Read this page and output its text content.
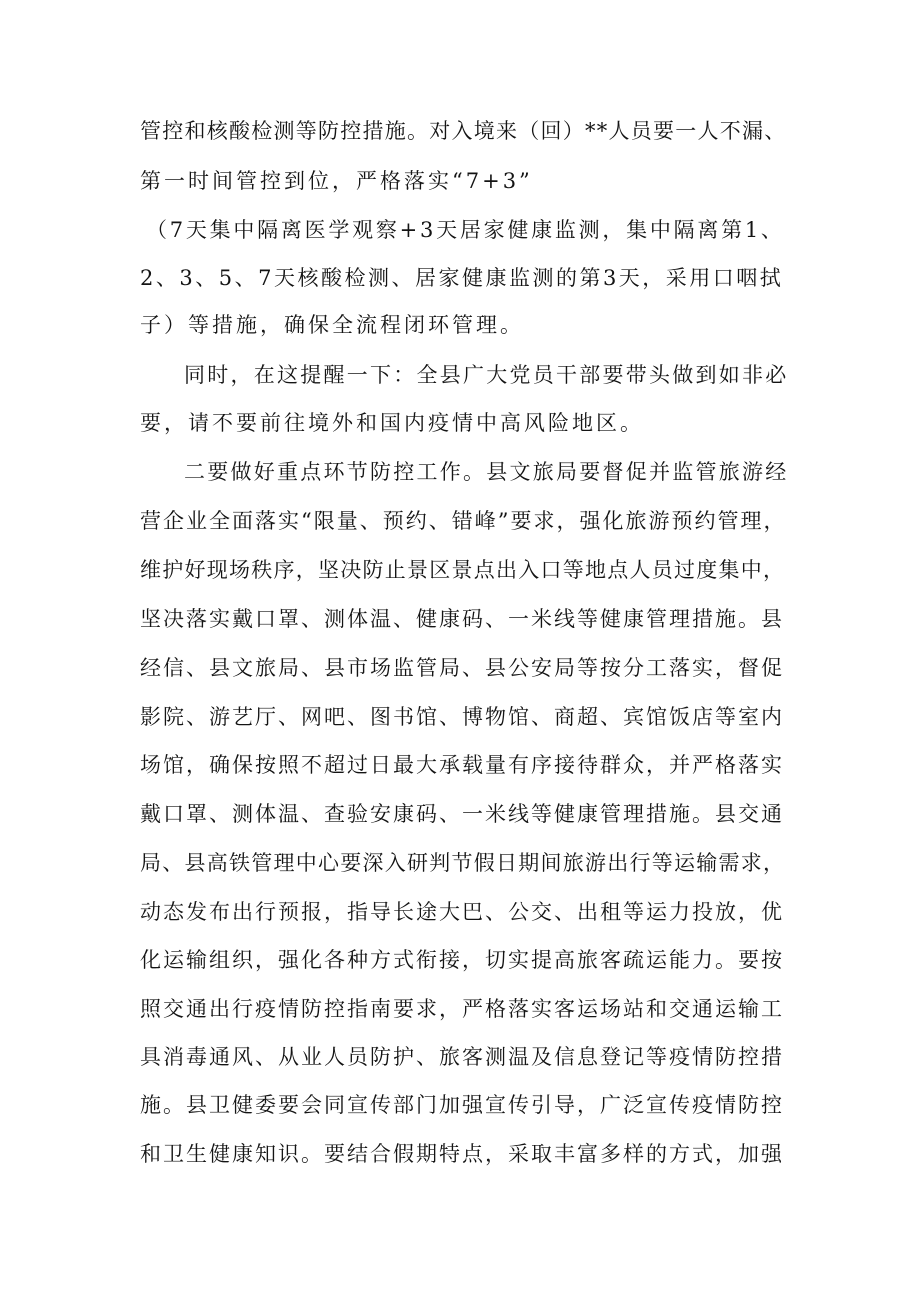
管控和核酸检测等防控措施。对入境来（回）**人员要一人不漏、
第一时间管控到位，严格落实“7+3”
（7天集中隔离医学观察+3天居家健康监测，集中隔离第1、
2、3、5、7天核酸检测、居家健康监测的第3天，采用口咽拭
子）等措施，确保全流程闭环管理。
同时，在这提醒一下：全县广大党员干部要带头做到如非必
要，请不要前往境外和国内疫情中高风险地区。
二要做好重点环节防控工作。县文旅局要督促并监管旅游经
营企业全面落实“限量、预约、错峰”要求，强化旅游预约管理，
维护好现场秩序，坚决防止景区景点出入口等地点人员过度集中，
坚决落实戴口罩、测体温、健康码、一米线等健康管理措施。县
经信、县文旅局、县市场监管局、县公安局等按分工落实，督促
影院、游艺厅、网吧、图书馆、博物馆、商超、宾馆饭店等室内
场馆，确保按照不超过日最大承载量有序接待群众，并严格落实
戴口罩、测体温、查验安康码、一米线等健康管理措施。县交通
局、县高铁管理中心要深入研判节假日期间旅游出行等运输需求，
动态发布出行预报，指导长途大巴、公交、出租等运力投放，优
化运输组织，强化各种方式衔接，切实提高旅客疏运能力。要按
照交通出行疫情防控指南要求，严格落实客运场站和交通运输工
具消毒通风、从业人员防护、旅客测温及信息登记等疫情防控措
施。县卫健委要会同宣传部门加强宣传引导，广泛宣传疫情防控
和卫生健康知识。要结合假期特点，采取丰富多样的方式，加强
